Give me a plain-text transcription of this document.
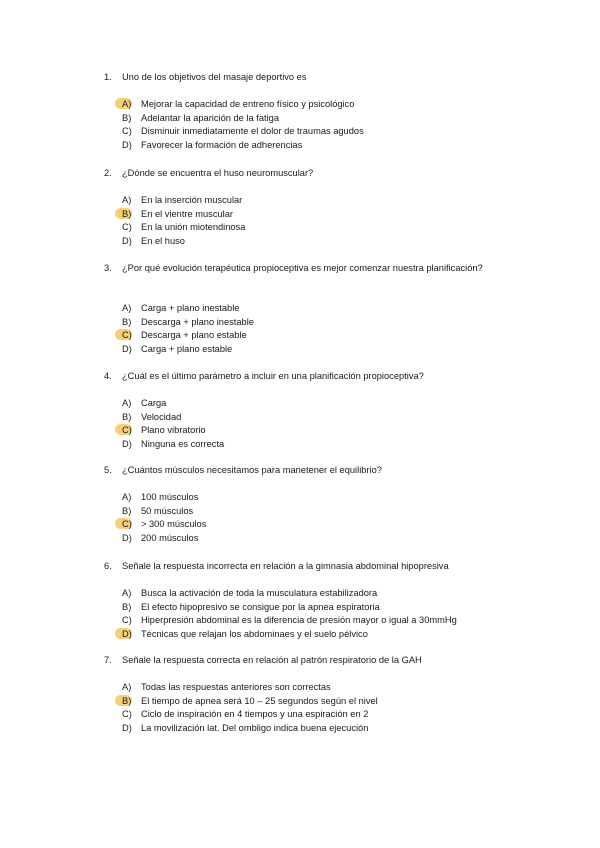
1. Uno de los objetivos del masaje deportivo es
A)	Mejorar la capacidad de entreno físico y psicológico
B)	Adelantar la aparición de la fatiga
C) Disminuir inmediatamente el dolor de traumas agudos
D) Favorecer la formación de adherencias
2. ¿Dónde se encuentra el huso neuromuscular?
A)	En la inserción muscular
B)	En el vientre muscular
C) En la unión miotendinosa
D) En el huso
3. ¿Por qué evolución terapéutica propioceptiva es mejor comenzar nuestra planificación?
A)	Carga + plano inestable
B)	Descarga + plano inestable
C) Descarga + plano estable
D) Carga + plano estable
4. ¿Cuál es el último parámetro a incluir en una planificación propioceptiva?
A)	Carga
B)	Velocidad
C) Plano vibratorio
D) Ninguna es correcta
5. ¿Cuántos músculos necesitamos para manetener el equilibrio?
A)	100 músculos
B)	50 músculos
C) > 300 músculos
D) 200 músculos
6. Señale la respuesta incorrecta en relación a la gimnasia abdominal hipopresiva
A)	Busca la activación de toda la musculatura estabilizadora
B)	El efecto hipopresivo se consigue por la apnea espiratoria
C) Hiperpresión abdominal es la diferencia de presión mayor o igual a 30mmHg
D) Técnicas que relajan los abdominaes y el suelo pélvico
7. Señale la respuesta correcta en relación al patrón respiratorio de la GAH
A)	Todas las respuestas anteriores son correctas
B)	El tiempo de apnea será 10 – 25 segundos según el nivel
C) Ciclo de inspiración en 4 tiempos y una espiración en 2
D) La movilización lat. Del ombligo indica buena ejecución
